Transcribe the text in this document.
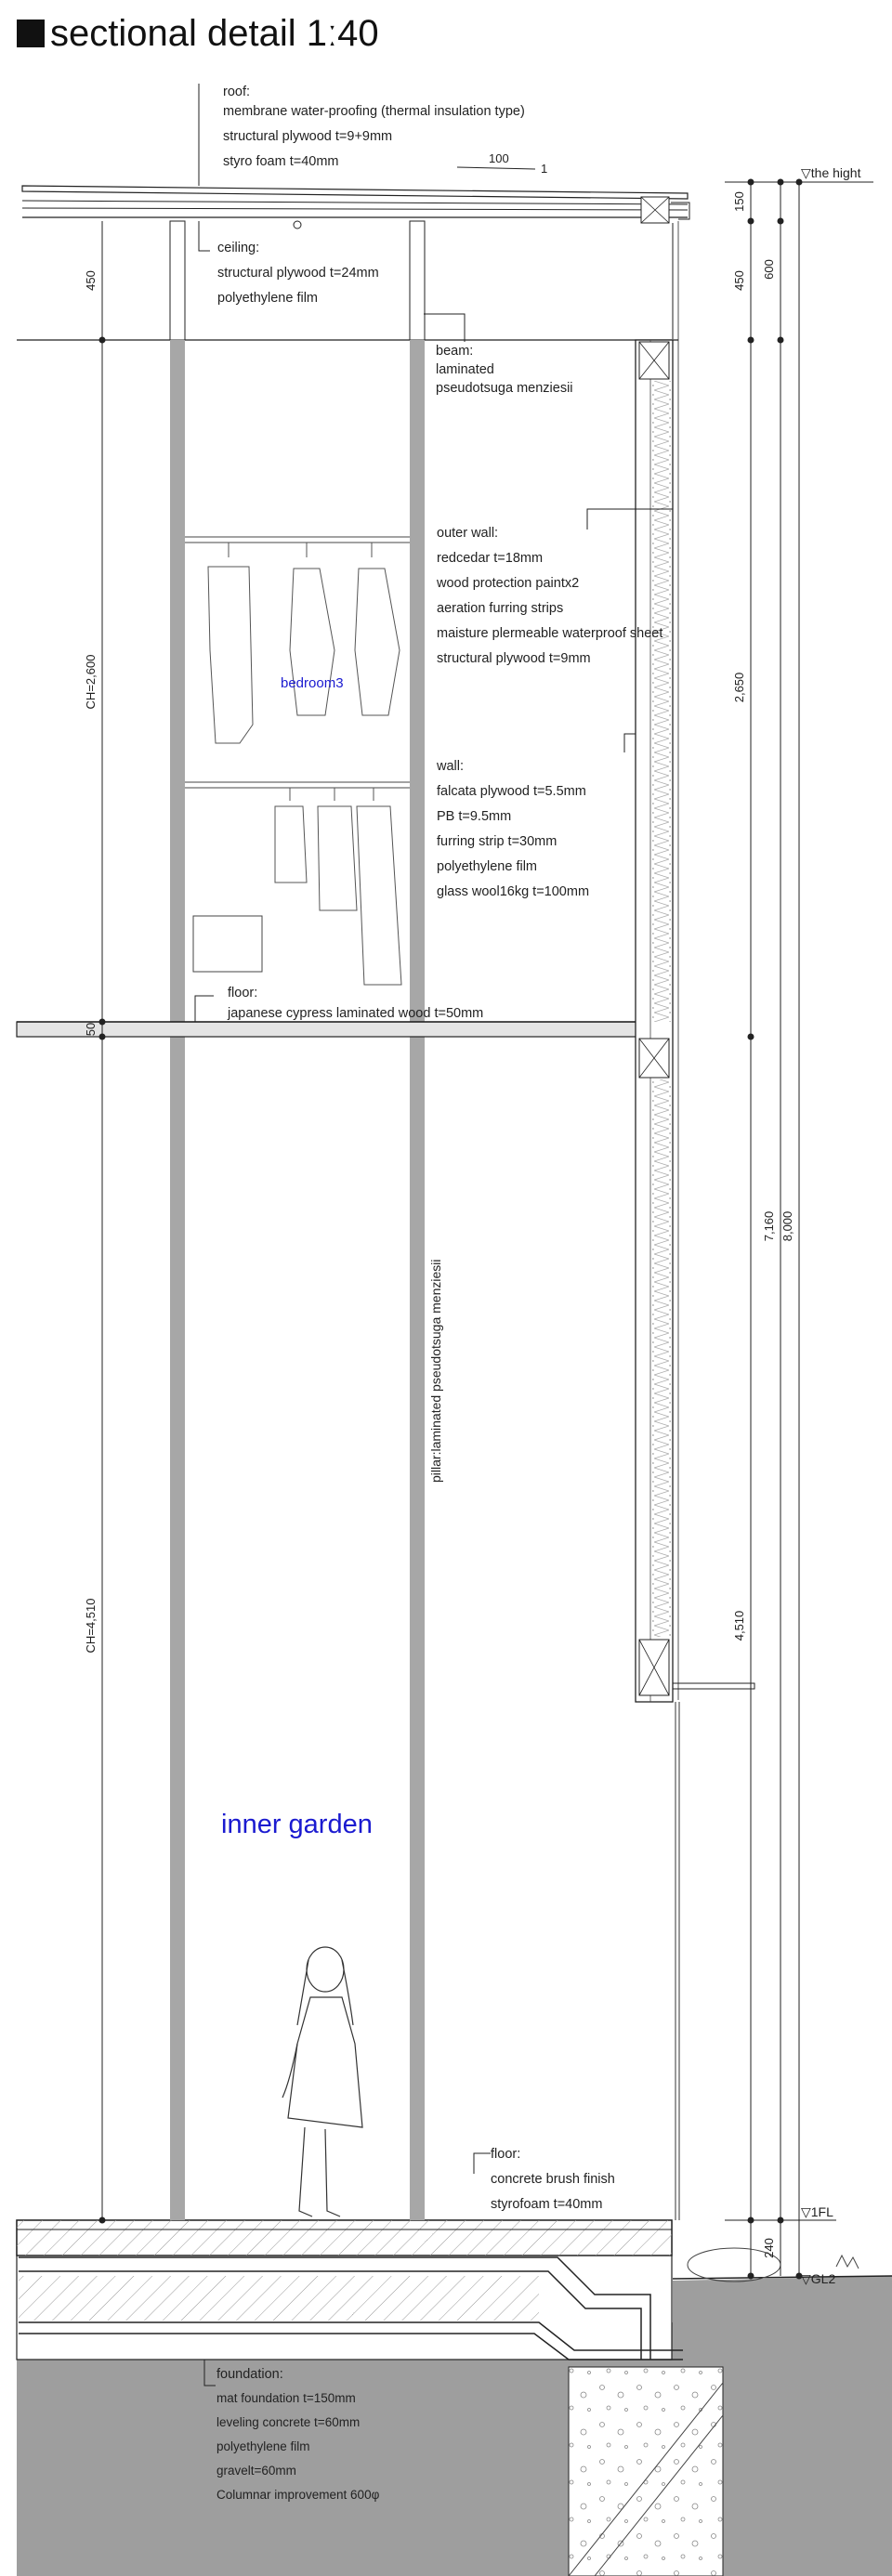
100
1
450
CH=2,600
50
CH=4,510
150
450
600
2,650
4,510
7,160 8,000
240
▽the hight
▽1FL
▽GL2
pillar:laminated pseudotsuga menziesii
sectional detail 1ː40
roof:
membrane water-proofing (thermal insulation type)
structural plywood t=9+9mm
styro foam t=40mm
ceiling:
structural plywood t=24mm
polyethylene film
beam:
laminated
pseudotsuga menziesii
outer wall:
redcedar t=18mm
wood protection paintx2
aeration furring strips
maisture plermeable waterproof sheet
structural plywood t=9mm
wall:
falcata plywood t=5.5mm
PB t=9.5mm
furring strip t=30mm
polyethylene film
glass wool16kg t=100mm
floor:
japanese cypress laminated wood t=50mm
floor:
concrete brush finish
styrofoam t=40mm
foundation:
mat foundation t=150mm
leveling concrete t=60mm
polyethylene film
gravelt=60mm
Columnar improvement 600φ
bedroom3
inner garden
